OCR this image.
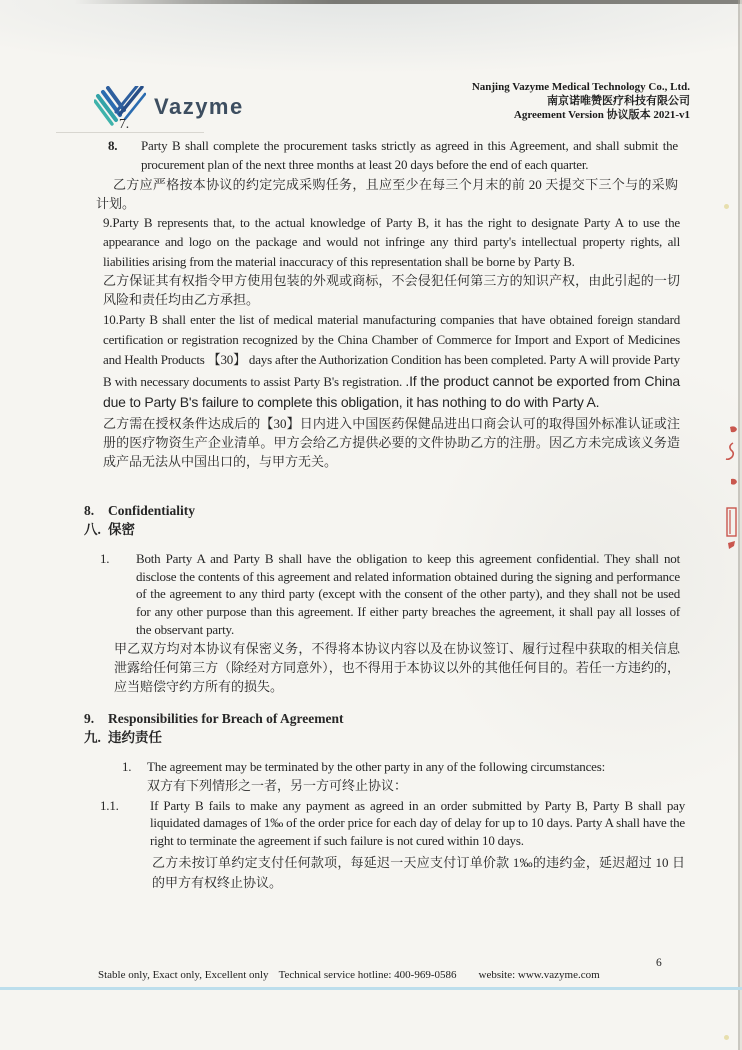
Vazyme
7.
Nanjing Vazyme Medical Technology Co., Ltd.
南京诺唯赞医疗科技有限公司
Agreement Version 协议版本 2021-v1
8. Party B shall complete the procurement tasks strictly as agreed in this Agreement, and shall submit the procurement plan of the next three months at least 20 days before the end of each quarter.
乙方应严格按本协议的约定完成采购任务，且应至少在每三个月末的前 20 天提交下三个与的采购计划。
9.Party B represents that, to the actual knowledge of Party B, it has the right to designate Party A to use the appearance and logo on the package and would not infringe any third party's intellectual property rights, all liabilities arising from the material inaccuracy of this representation shall be borne by Party B.
乙方保证其有权指令甲方使用包装的外观或商标，不会侵犯任何第三方的知识产权，由此引起的一切风险和责任均由乙方承担。
10.Party B shall enter the list of medical material manufacturing companies that have obtained foreign standard certification or registration recognized by the China Chamber of Commerce for Import and Export of Medicines and Health Products 【30】 days after the Authorization Condition has been completed. Party A will provide Party B with necessary documents to assist Party B's registration. .If the product cannot be exported from China due to Party B's failure to complete this obligation, it has nothing to do with Party A.
乙方需在授权条件达成后的【30】日内进入中国医药保健品进出口商会认可的取得国外标准认证或注册的医疗物资生产企业清单。甲方会给乙方提供必要的文件协助乙方的注册。因乙方未完成该义务造成产品无法从中国出口的，与甲方无关。
8. Confidentiality
八. 保密
1. Both Party A and Party B shall have the obligation to keep this agreement confidential. They shall not disclose the contents of this agreement and related information obtained during the signing and performance of the agreement to any third party (except with the consent of the other party), and they shall not be used for any other purpose than this agreement. If either party breaches the agreement, it shall pay all losses of the observant party.
甲乙双方均对本协议有保密义务，不得将本协议内容以及在协议签订、履行过程中获取的相关信息泄露给任何第三方（除经对方同意外），也不得用于本协议以外的其他任何目的。若任一方违约的，应当赔偿守约方所有的损失。
9. Responsibilities for Breach of Agreement
九. 违约责任
1. The agreement may be terminated by the other party in any of the following circumstances:
双方有下列情形之一者，另一方可终止协议：
1.1. If Party B fails to make any payment as agreed in an order submitted by Party B, Party B shall pay liquidated damages of 1‰ of the order price for each day of delay for up to 10 days. Party A shall have the right to terminate the agreement if such failure is not cured within 10 days.
乙方未按订单约定支付任何款项，每延迟一天应支付订单价款 1‰的违约金，延迟超过 10 日的甲方有权终止协议。
6
Stable only, Exact only, Excellent only Technical service hotline: 400-969-0586 website: www.vazyme.com
